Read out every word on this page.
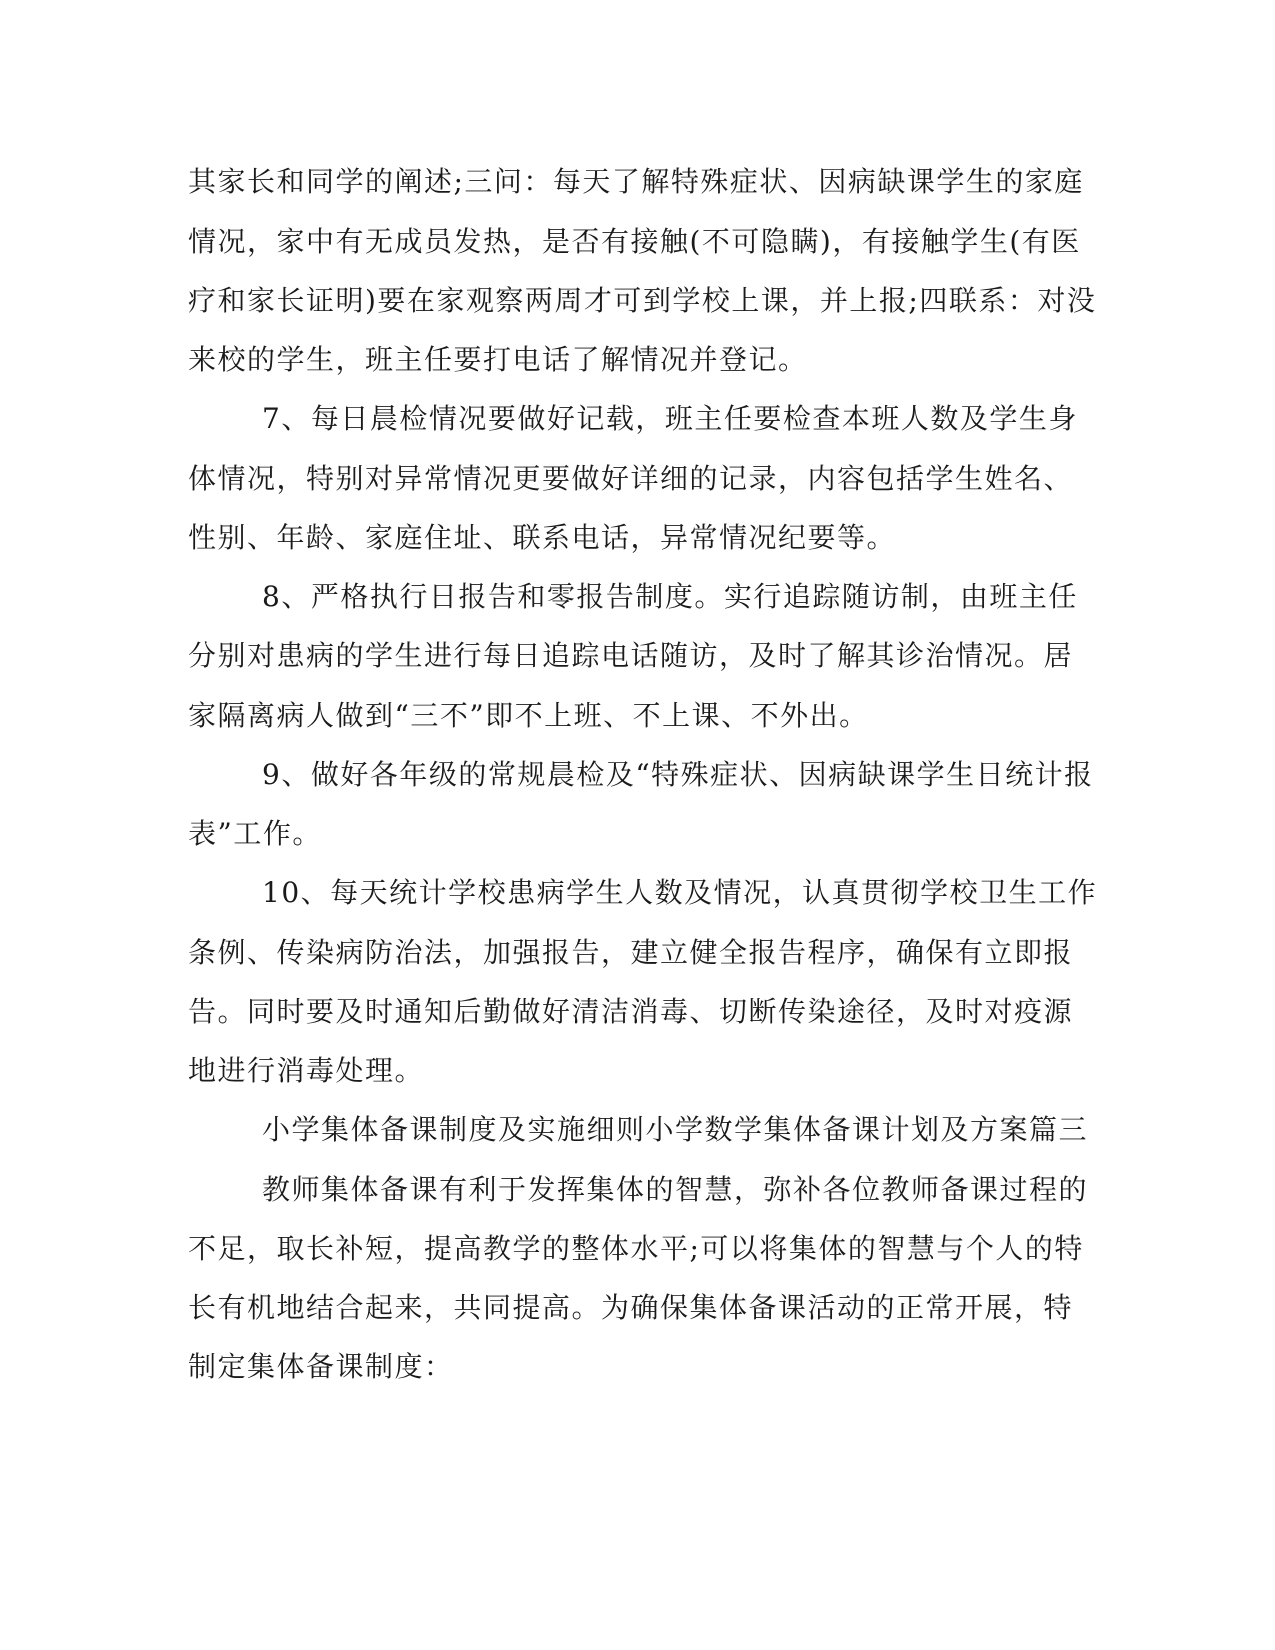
其家长和同学的阐述;三问：每天了解特殊症状、因病缺课学生的家庭
情况，家中有无成员发热，是否有接触(不可隐瞒)，有接触学生(有医
疗和家长证明)要在家观察两周才可到学校上课，并上报;四联系：对没
来校的学生，班主任要打电话了解情况并登记。
7、每日晨检情况要做好记载，班主任要检查本班人数及学生身
体情况，特别对异常情况更要做好详细的记录，内容包括学生姓名、
性别、年龄、家庭住址、联系电话，异常情况纪要等。
8、严格执行日报告和零报告制度。实行追踪随访制，由班主任
分别对患病的学生进行每日追踪电话随访，及时了解其诊治情况。居
家隔离病人做到“三不”即不上班、不上课、不外出。
9、做好各年级的常规晨检及“特殊症状、因病缺课学生日统计报
表”工作。
10、每天统计学校患病学生人数及情况，认真贯彻学校卫生工作
条例、传染病防治法，加强报告，建立健全报告程序，确保有立即报
告。同时要及时通知后勤做好清洁消毒、切断传染途径，及时对疫源
地进行消毒处理。
小学集体备课制度及实施细则小学数学集体备课计划及方案篇三
教师集体备课有利于发挥集体的智慧，弥补各位教师备课过程的
不足，取长补短，提高教学的整体水平;可以将集体的智慧与个人的特
长有机地结合起来，共同提高。为确保集体备课活动的正常开展，特
制定集体备课制度：
